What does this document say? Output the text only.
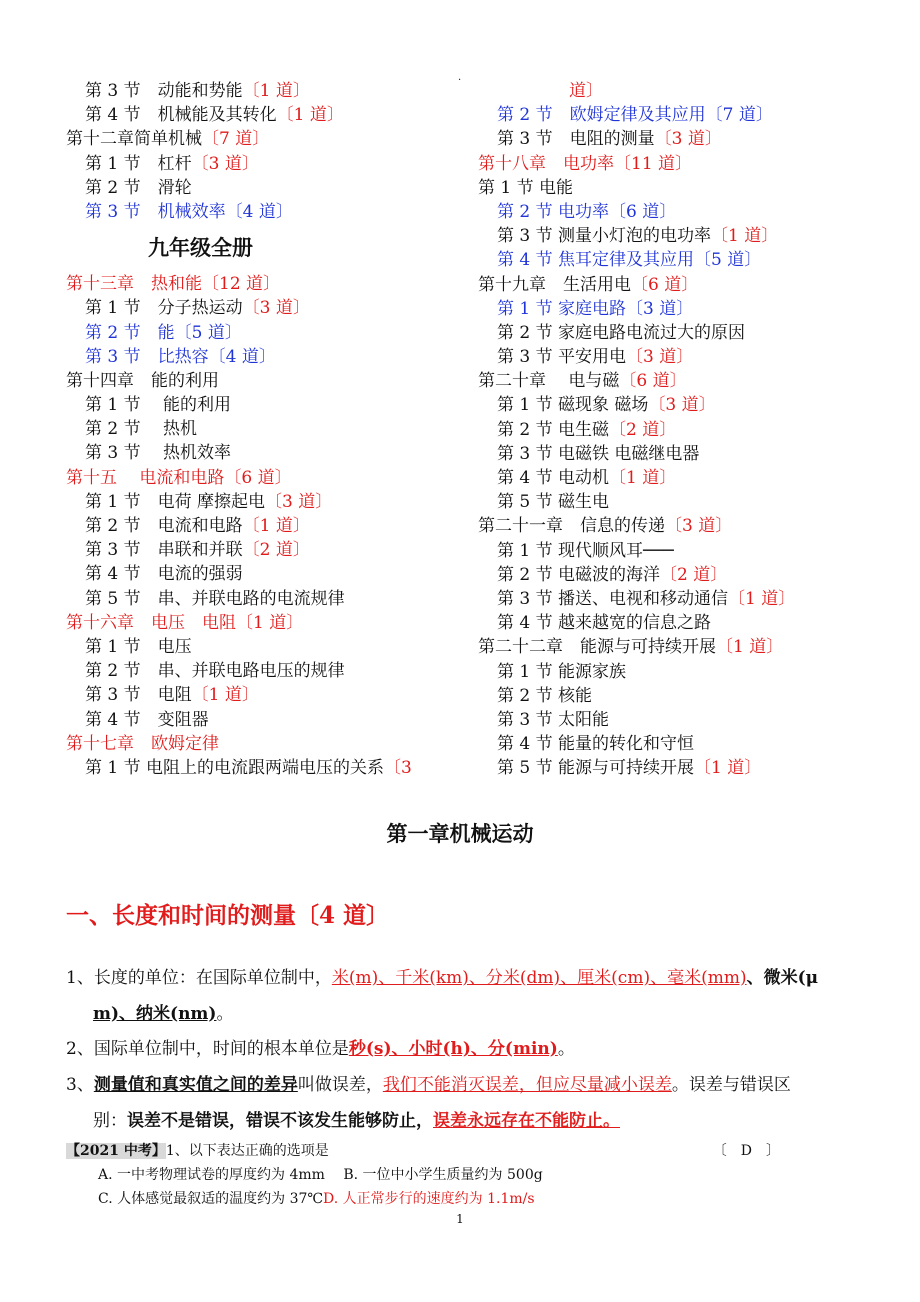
.
第 3 节　动能和势能〔1 道〕
第 4 节　机械能及其转化〔1 道〕
第十二章简单机械〔7 道〕
第 1 节　杠杆〔3 道〕
第 2 节　滑轮
第 3 节　机械效率〔4 道〕
九年级全册
第十三章　热和能〔12 道〕
第 1 节　分子热运动〔3 道〕
第 2 节　能〔5 道〕
第 3 节　比热容〔4 道〕
第十四章　能的利用
第 1 节　 能的利用
第 2 节　 热机
第 3 节　 热机效率
第十五　 电流和电路〔6 道〕
第 1 节　电荷 摩擦起电〔3 道〕
第 2 节　电流和电路〔1 道〕
第 3 节　串联和并联〔2 道〕
第 4 节　电流的强弱
第 5 节　串、并联电路的电流规律
第十六章　电压　电阻〔1 道〕
第 1 节　电压
第 2 节　串、并联电路电压的规律
第 3 节　电阻〔1 道〕
第 4 节　变阻器
第十七章　欧姆定律
第 1 节 电阻上的电流跟两端电压的关系〔3
道〕
第 2 节　欧姆定律及其应用〔7 道〕
第 3 节　电阻的测量〔3 道〕
第十八章　电功率〔11 道〕
第 1 节 电能
第 2 节 电功率〔6 道〕
第 3 节 测量小灯泡的电功率〔1 道〕
第 4 节 焦耳定律及其应用〔5 道〕
第十九章　生活用电〔6 道〕
第 1 节 家庭电路〔3 道〕
第 2 节 家庭电路电流过大的原因
第 3 节 平安用电〔3 道〕
第二十章　 电与磁〔6 道〕
第 1 节 磁现象 磁场〔3 道〕
第 2 节 电生磁〔2 道〕
第 3 节 电磁铁 电磁继电器
第 4 节 电动机〔1 道〕
第 5 节 磁生电
第二十一章　信息的传递〔3 道〕
第 1 节 现代顺风耳───
第 2 节 电磁波的海洋〔2 道〕
第 3 节 播送、电视和移动通信〔1 道〕
第 4 节 越来越宽的信息之路
第二十二章　能源与可持续开展〔1 道〕
第 1 节 能源家族
第 2 节 核能
第 3 节 太阳能
第 4 节 能量的转化和守恒
第 5 节 能源与可持续开展〔1 道〕
第一章机械运动
一、长度和时间的测量〔4 道〕
1、长度的单位：在国际单位制中，米(m)、千米(km)、分米(dm)、厘米(cm)、毫米(mm)、微米(μ
m)、纳米(nm)。
2、国际单位制中，时间的根本单位是秒(s)、小时(h)、分(min)。
3、测量值和真实值之间的差异叫做误差，我们不能消灭误差，但应尽量减小误差。误差与错误区
别：误差不是错误，错误不该发生能够防止，误差永远存在不能防止。
【2021 中考】1、以下表达正确的选项是	〔　D　〕
A. 一中考物理试卷的厚度约为 4mm　 B. 一位中小学生质量约为 500g
C. 人体感觉最叙适的温度约为 37℃D. 人正常步行的速度约为 1.1m/s
1
